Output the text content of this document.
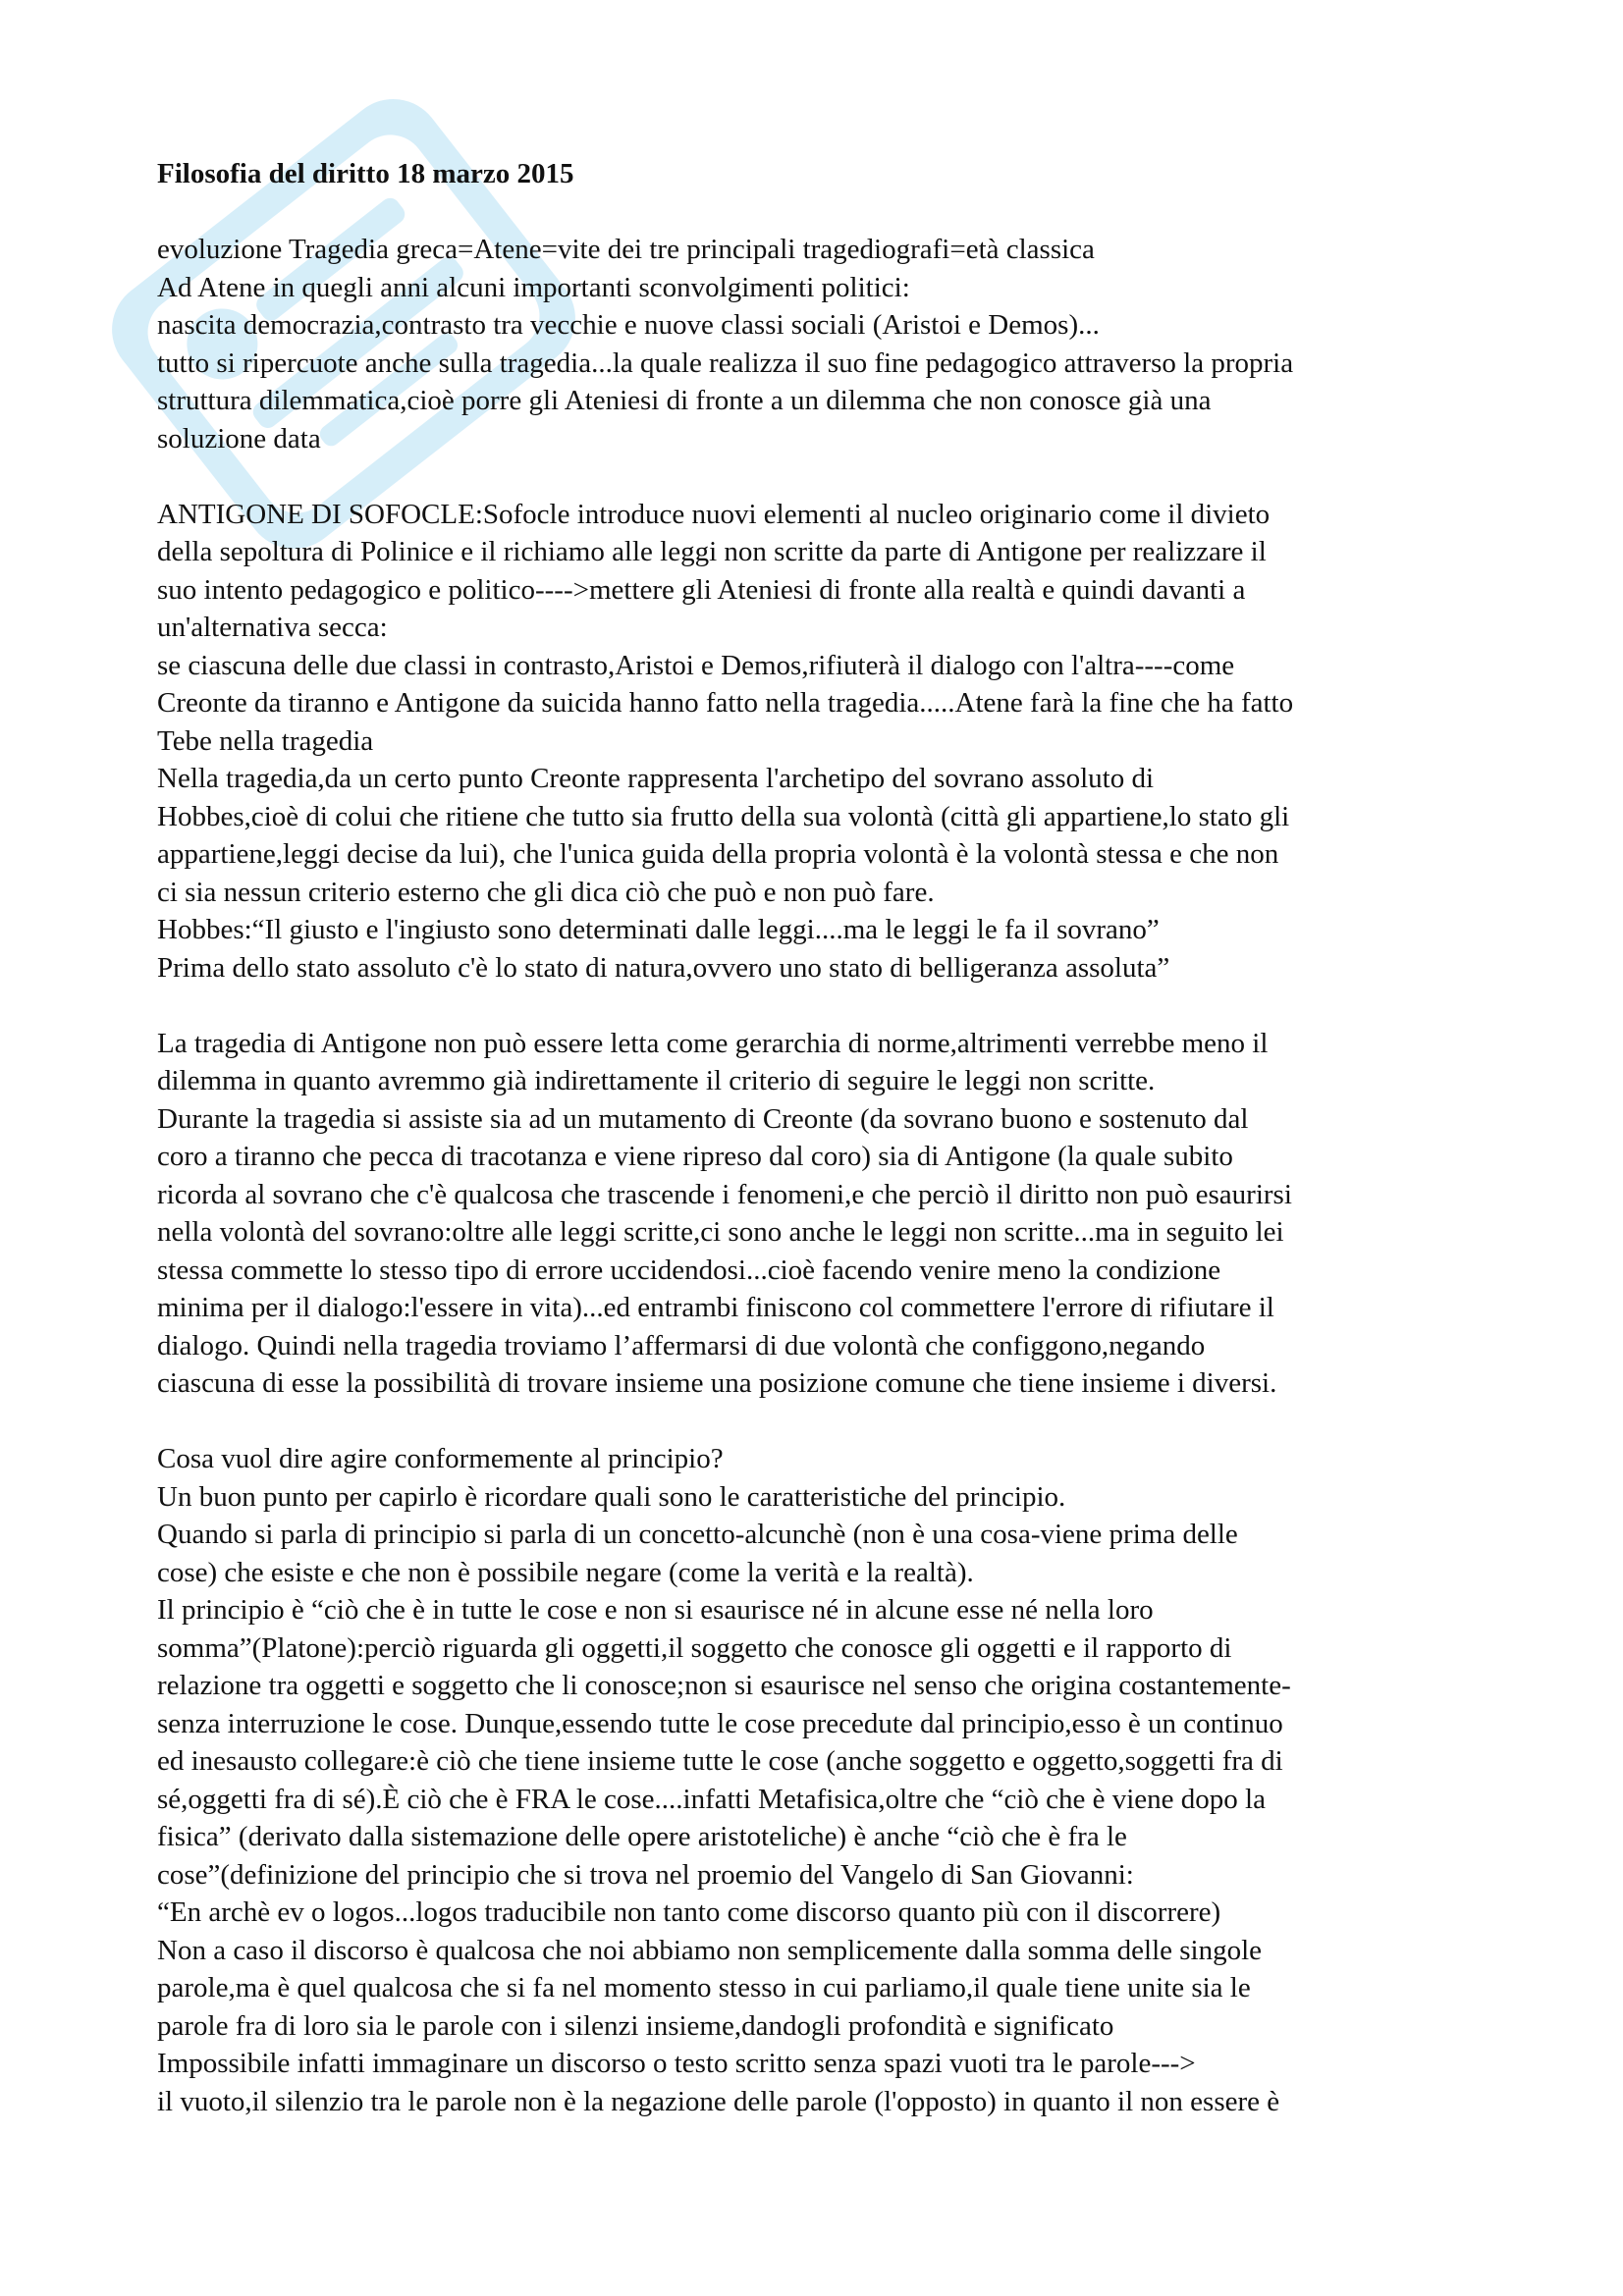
Filosofia del diritto 18 marzo 2015
evoluzione Tragedia greca=Atene=vite dei tre principali tragediografi=età classica
Ad Atene in quegli anni alcuni importanti sconvolgimenti politici:
nascita democrazia,contrasto tra vecchie e nuove classi sociali (Aristoi e Demos)...
tutto si ripercuote anche sulla tragedia...la quale realizza il suo fine pedagogico attraverso la propria
struttura dilemmatica,cioè porre gli Ateniesi di fronte a un dilemma che non conosce già una
soluzione data
ANTIGONE DI SOFOCLE:Sofocle introduce nuovi elementi al nucleo originario come il divieto
della sepoltura di Polinice e il richiamo alle leggi non scritte da parte di Antigone per realizzare il
suo intento pedagogico e politico---->mettere gli Ateniesi di fronte alla realtà e quindi davanti a
un'alternativa secca:
se ciascuna delle due classi in contrasto,Aristoi e Demos,rifiuterà il dialogo con l'altra----come
Creonte da tiranno e Antigone da suicida hanno fatto nella tragedia.....Atene farà la fine che ha fatto
Tebe nella tragedia
Nella tragedia,da un certo punto Creonte rappresenta l'archetipo del sovrano assoluto di
Hobbes,cioè di colui che ritiene che tutto sia frutto della sua volontà (città gli appartiene,lo stato gli
appartiene,leggi decise da lui), che l'unica guida della propria volontà è la volontà stessa e che non
ci sia nessun criterio esterno che gli dica ciò che può e non può fare.
Hobbes:“Il giusto e l'ingiusto sono determinati dalle leggi....ma le leggi le fa il sovrano”
Prima dello stato assoluto c'è lo stato di natura,ovvero uno stato di belligeranza assoluta”
La tragedia di Antigone non può essere letta come gerarchia di norme,altrimenti verrebbe meno il
dilemma in quanto avremmo già indirettamente il criterio di seguire le leggi non scritte.
Durante la tragedia si assiste sia ad un mutamento di Creonte (da sovrano buono e sostenuto dal
coro a tiranno che pecca di tracotanza e viene ripreso dal coro) sia di Antigone (la quale subito
ricorda al sovrano che c'è qualcosa che trascende i fenomeni,e che perciò il diritto non può esaurirsi
nella volontà del sovrano:oltre alle leggi scritte,ci sono anche le leggi non scritte...ma in seguito lei
stessa commette lo stesso tipo di errore uccidendosi...cioè facendo venire meno la condizione
minima per il dialogo:l'essere in vita)...ed entrambi finiscono col commettere l'errore di rifiutare il
dialogo. Quindi nella tragedia troviamo l’affermarsi di due volontà che configgono,negando
ciascuna di esse la possibilità di trovare insieme una posizione comune che tiene insieme i diversi.
Cosa vuol dire agire conformemente al principio?
Un buon punto per capirlo è ricordare quali sono le caratteristiche del principio.
Quando si parla di principio si parla di un concetto-alcunchè (non è una cosa-viene prima delle
cose) che esiste e che non è possibile negare (come la verità e la realtà).
Il principio è “ciò che è in tutte le cose e non si esaurisce né in alcune esse né nella loro
somma”(Platone):perciò riguarda gli oggetti,il soggetto che conosce gli oggetti e il rapporto di
relazione tra oggetti e soggetto che li conosce;non si esaurisce nel senso che origina costantemente-
senza interruzione le cose. Dunque,essendo tutte le cose precedute dal principio,esso è un continuo
ed inesausto collegare:è ciò che tiene insieme tutte le cose (anche soggetto e oggetto,soggetti fra di
sé,oggetti fra di sé).È ciò che è FRA le cose....infatti Metafisica,oltre che “ciò che è viene dopo la
fisica” (derivato dalla sistemazione delle opere aristoteliche) è anche “ciò che è fra le
cose”(definizione del principio che si trova nel proemio del Vangelo di San Giovanni:
“En archè ev o logos...logos traducibile non tanto come discorso quanto più con il discorrere)
Non a caso il discorso è qualcosa che noi abbiamo non semplicemente dalla somma delle singole
parole,ma è quel qualcosa che si fa nel momento stesso in cui parliamo,il quale tiene unite sia le
parole fra di loro sia le parole con i silenzi insieme,dandogli profondità e significato
Impossibile infatti immaginare un discorso o testo scritto senza spazi vuoti tra le parole--->
il vuoto,il silenzio tra le parole non è la negazione delle parole (l'opposto) in quanto il non essere è
